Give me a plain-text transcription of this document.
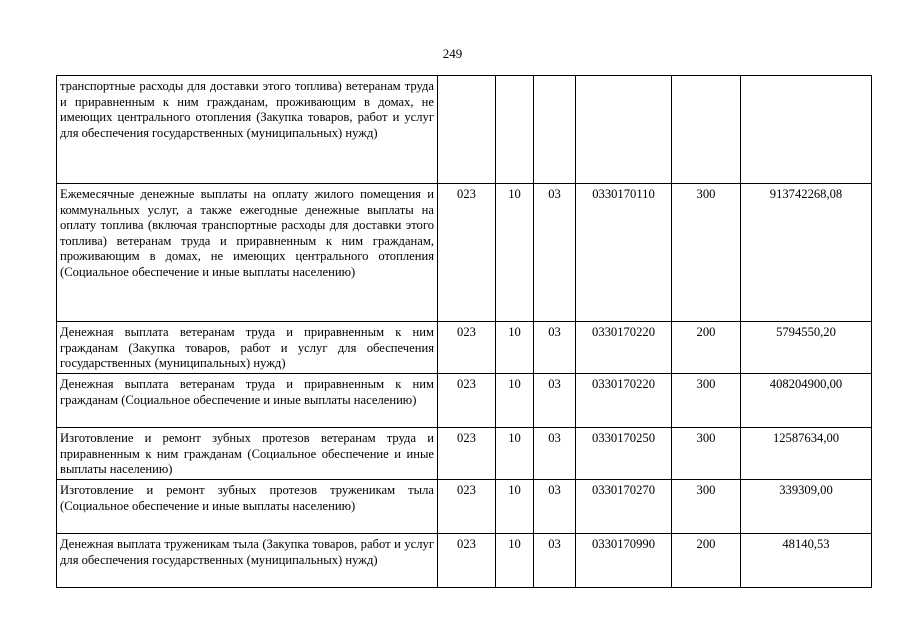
249
транспортные расходы для доставки этого топлива) ветеранам труда и приравненным к ним гражданам, проживающим в домах, не имеющих центрального отопления (Закупка товаров, работ и услуг для обеспечения государственных (муниципальных) нужд)						
Ежемесячные денежные выплаты на оплату жилого помещения и коммунальных услуг, а также ежегодные денежные выплаты на оплату топлива (включая транспортные расходы для доставки этого топлива) ветеранам труда и приравненным к ним гражданам, проживающим в домах, не имеющих центрального отопления (Социальное обеспечение и иные выплаты населению)	023	10	03	0330170110	300	913742268,08
Денежная выплата ветеранам труда и приравненным к ним гражданам (Закупка товаров, работ и услуг для обеспечения государственных (муниципальных) нужд)	023	10	03	0330170220	200	5794550,20
Денежная выплата ветеранам труда и приравненным к ним гражданам (Социальное обеспечение и иные выплаты населению)	023	10	03	0330170220	300	408204900,00
Изготовление и ремонт зубных протезов ветеранам труда и приравненным к ним гражданам (Социальное обеспечение и иные выплаты населению)	023	10	03	0330170250	300	12587634,00
Изготовление и ремонт зубных протезов труженикам тыла (Социальное обеспечение и иные выплаты населению)	023	10	03	0330170270	300	339309,00
Денежная выплата труженикам тыла (Закупка товаров, работ и услуг для обеспечения государственных (муниципальных) нужд)	023	10	03	0330170990	200	48140,53
